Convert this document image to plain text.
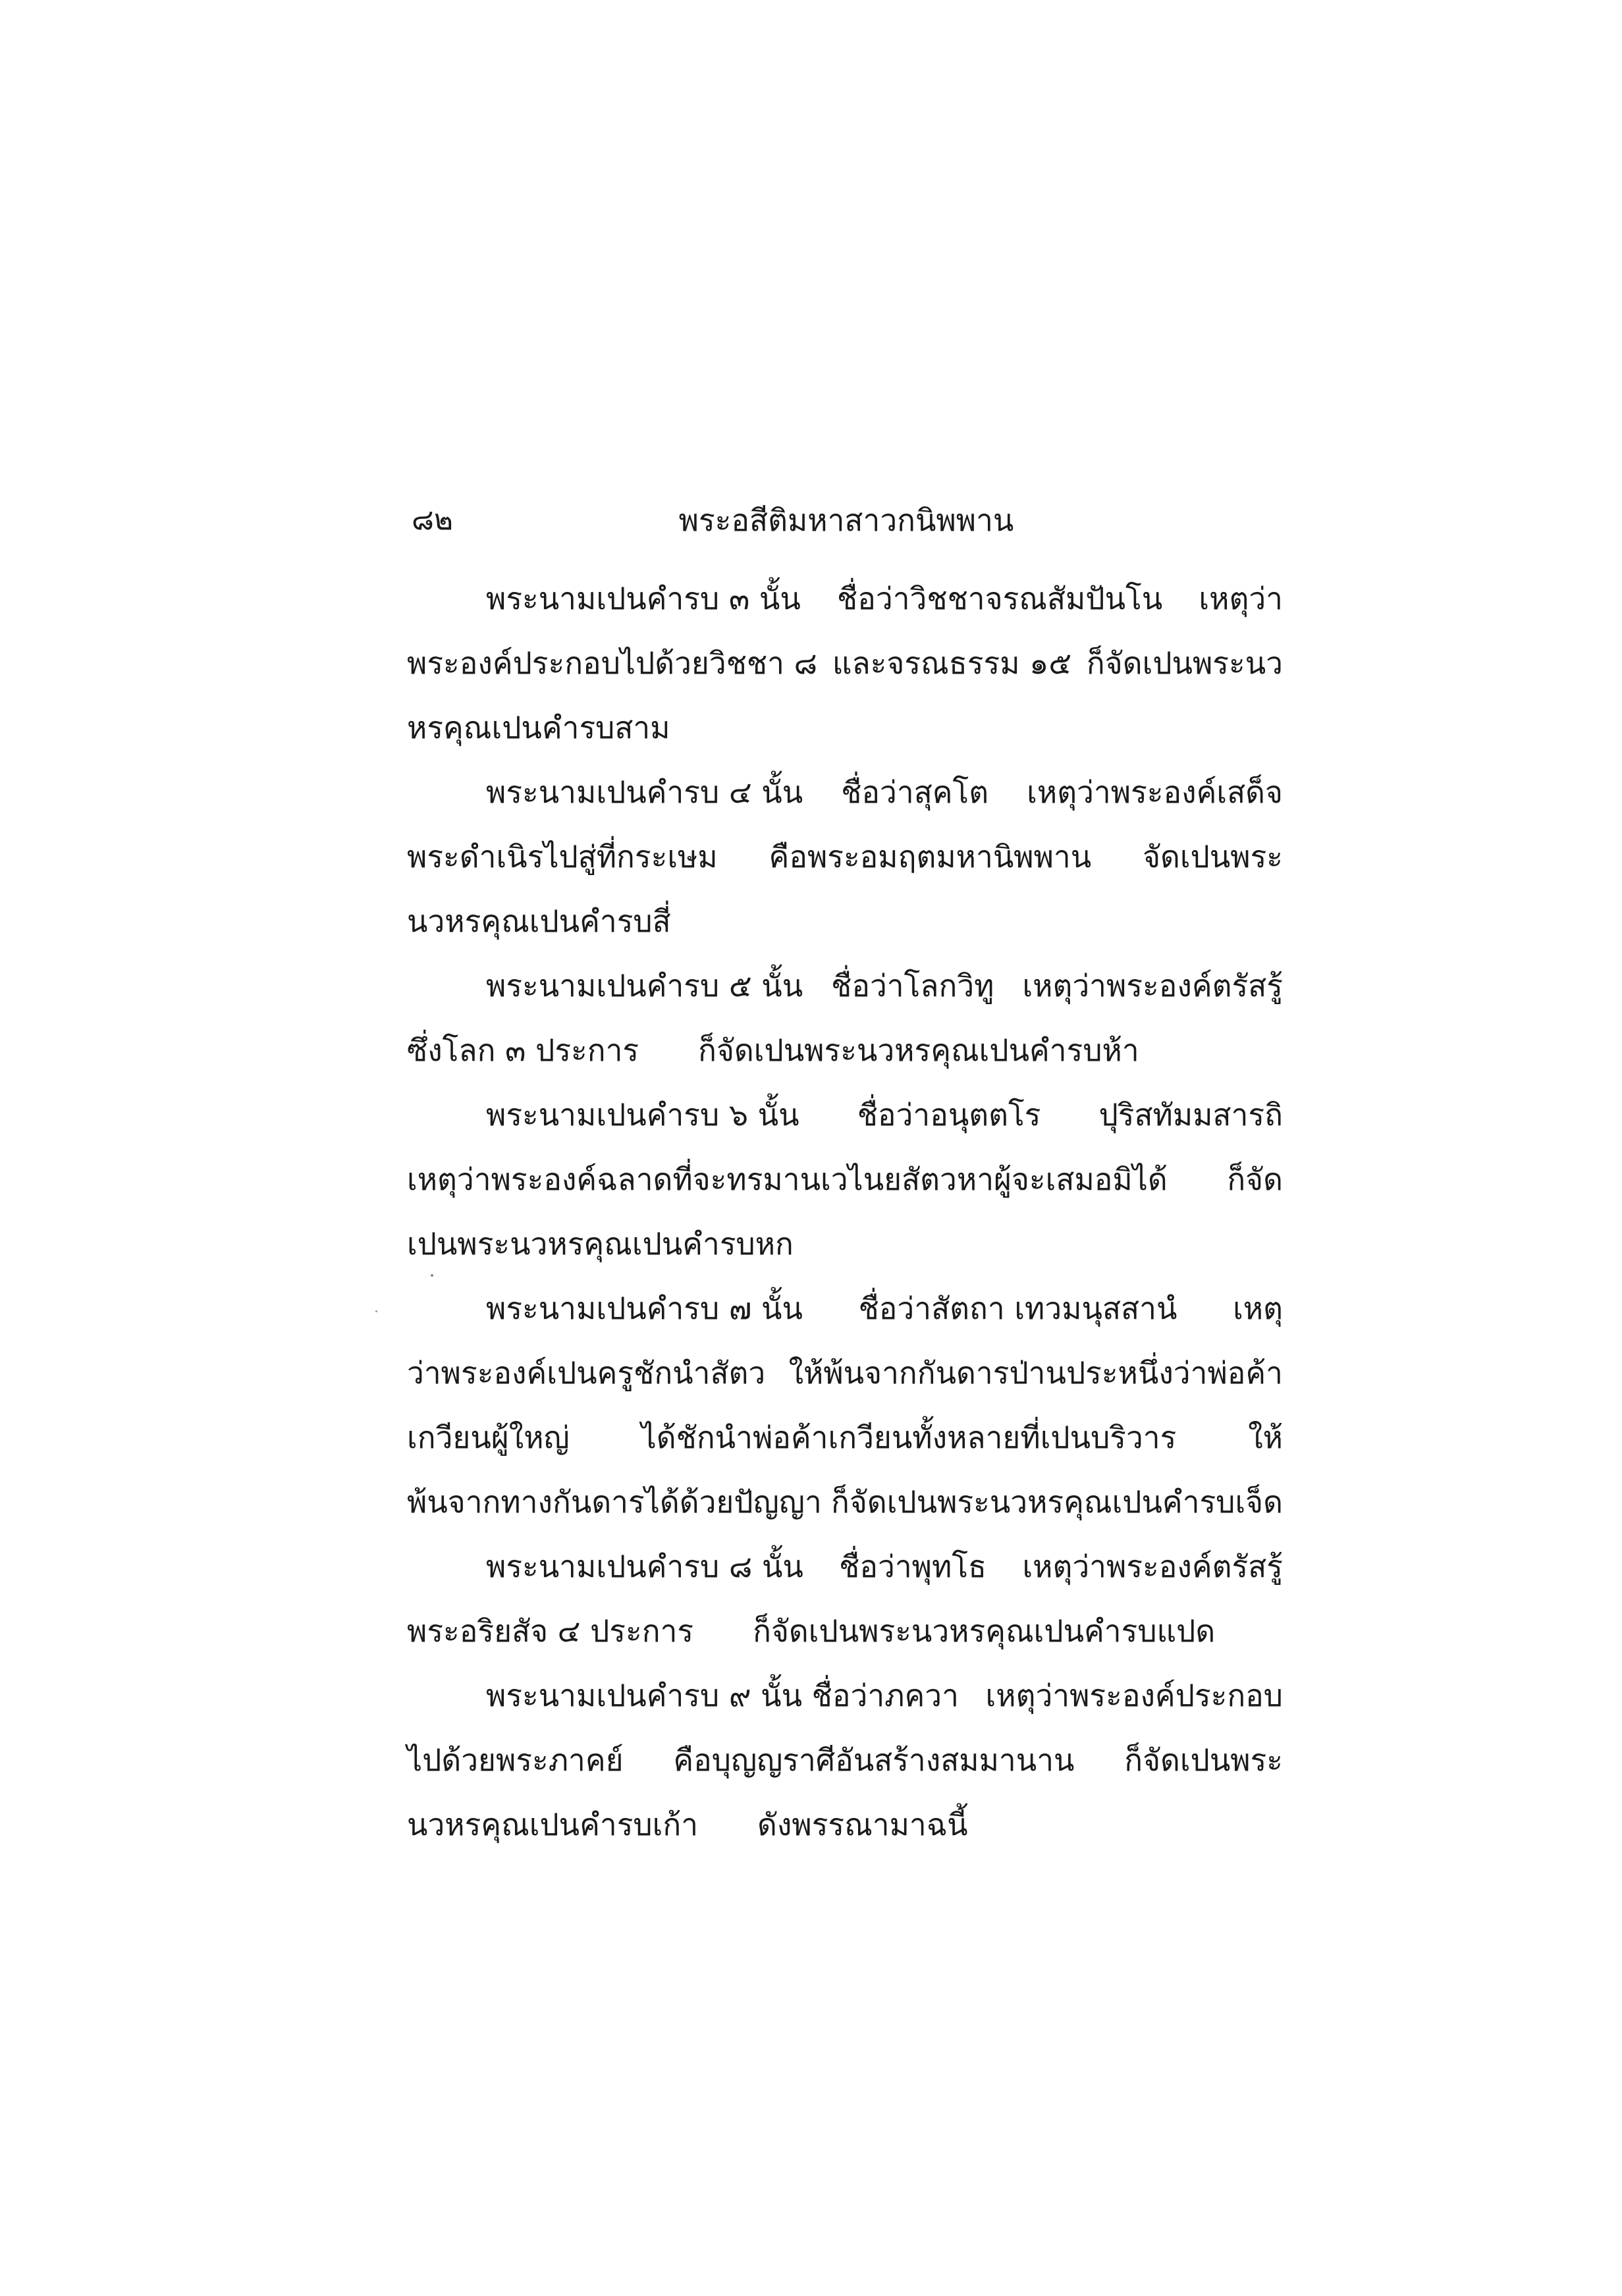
๘๒	พระอสีติมหาสาวกนิพพาน
พระนามเปนคำรบ ๓ นั้น ชื่อว่าวิชชาจรณสัมปันโน เหตุว่า
พระองค์ประกอบไปด้วยวิชชา ๘ และจรณธรรม ๑๕ ก็จัดเปนพระนว
หรคุณเปนคำรบสาม
พระนามเปนคำรบ ๔ นั้น ชื่อว่าสุคโต เหตุว่าพระองค์เสด็จ
พระดำเนิรไปสู่ที่กระเษม คือพระอมฤตมหานิพพาน จัดเปนพระ
นวหรคุณเปนคำรบสี่
พระนามเปนคำรบ ๕ นั้น ชื่อว่าโลกวิทู เหตุว่าพระองค์ตรัสรู้
ซึ่งโลก ๓ ประการ ก็จัดเปนพระนวหรคุณเปนคำรบห้า
พระนามเปนคำรบ ๖ นั้น ชื่อว่าอนุตตโร ปุริสทัมมสารถิ
เหตุว่าพระองค์ฉลาดที่จะทรมานเวไนยสัตวหาผู้จะเสมอมิได้ ก็จัด
เปนพระนวหรคุณเปนคำรบหก
พระนามเปนคำรบ ๗ นั้น ชื่อว่าสัตถา เทวมนุสสานํ เหตุ
ว่าพระองค์เปนครูชักนำสัตว ให้พ้นจากกันดารป่านประหนึ่งว่าพ่อค้า
เกวียนผู้ใหญ่ ได้ชักนำพ่อค้าเกวียนทั้งหลายที่เปนบริวาร ให้
พ้นจากทางกันดารได้ด้วยปัญญา ก็จัดเปนพระนวหรคุณเปนคำรบเจ็ด
พระนามเปนคำรบ ๘ นั้น ชื่อว่าพุทโธ เหตุว่าพระองค์ตรัสรู้
พระอริยสัจ ๔ ประการ ก็จัดเปนพระนวหรคุณเปนคำรบแปด
พระนามเปนคำรบ ๙ นั้น ชื่อว่าภควา เหตุว่าพระองค์ประกอบ
ไปด้วยพระภาคย์ คือบุญญราศีอันสร้างสมมานาน ก็จัดเปนพระ
นวหรคุณเปนคำรบเก้า ดังพรรณามาฉนี้
